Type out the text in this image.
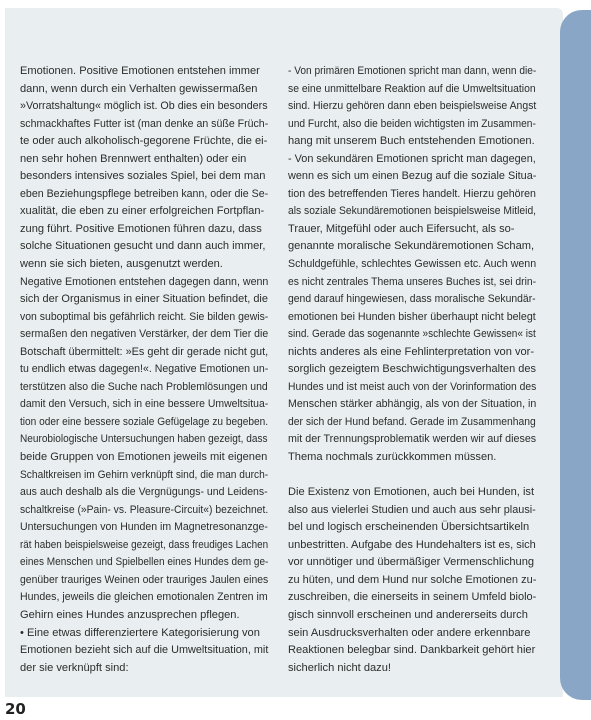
Emotionen. Positive Emotionen entstehen immer

dann, wenn durch ein Verhalten gewissermaßen

»Vorratshaltung« möglich ist. Ob dies ein besonders

schmackhaftes Futter ist (man denke an süße Früch-

te oder auch alkoholisch-gegorene Früchte, die ei-

nen sehr hohen Brennwert enthalten) oder ein

besonders intensives soziales Spiel, bei dem man

eben Beziehungspflege betreiben kann, oder die Se-

xualität, die eben zu einer erfolgreichen Fortpflan-

zung führt. Positive Emotionen führen dazu, dass

solche Situationen gesucht und dann auch immer,

wenn sie sich bieten, ausgenutzt werden.

Negative Emotionen entstehen dagegen dann, wenn

sich der Organismus in einer Situation befindet, die

von suboptimal bis gefährlich reicht. Sie bilden gewis-

sermaßen den negativen Verstärker, der dem Tier die

Botschaft übermittelt: »Es geht dir gerade nicht gut,

tu endlich etwas dagegen!«. Negative Emotionen un-

terstützen also die Suche nach Problemlösungen und

damit den Versuch, sich in eine bessere Umweltsitua-

tion oder eine bessere soziale Gefügelage zu begeben.

Neurobiologische Untersuchungen haben gezeigt, dass

beide Gruppen von Emotionen jeweils mit eigenen

Schaltkreisen im Gehirn verknüpft sind, die man durch-

aus auch deshalb als die Vergnügungs- und Leidens-

schaltkreise (»Pain- vs. Pleasure-Circuit«) bezeichnet.

Untersuchungen von Hunden im Magnetresonanzge-

rät haben beispielsweise gezeigt, dass freudiges Lachen

eines Menschen und Spielbellen eines Hundes dem ge-

genüber trauriges Weinen oder trauriges Jaulen eines

Hundes, jeweils die gleichen emotionalen Zentren im

Gehirn eines Hundes anzusprechen pflegen.

• Eine etwas differenziertere Kategorisierung von

Emotionen bezieht sich auf die Umweltsituation, mit

der sie verknüpft sind:

- Von primären Emotionen spricht man dann, wenn die-

se eine unmittelbare Reaktion auf die Umweltsituation

sind. Hierzu gehören dann eben beispielsweise Angst

und Furcht, also die beiden wichtigsten im Zusammen-

hang mit unserem Buch entstehenden Emotionen.

- Von sekundären Emotionen spricht man dagegen,

wenn es sich um einen Bezug auf die soziale Situa-

tion des betreffenden Tieres handelt. Hierzu gehören

als soziale Sekundäremotionen beispielsweise Mitleid,

Trauer, Mitgefühl oder auch Eifersucht, als so-

genannte moralische Sekundäremotionen Scham,

Schuldgefühle, schlechtes Gewissen etc. Auch wenn

es nicht zentrales Thema unseres Buches ist, sei drin-

gend darauf hingewiesen, dass moralische Sekundär-

emotionen bei Hunden bisher überhaupt nicht belegt

sind. Gerade das sogenannte »schlechte Gewissen« ist

nichts anderes als eine Fehlinterpretation von vor-

sorglich gezeigtem Beschwichtigungsverhalten des

Hundes und ist meist auch von der Vorinformation des

Menschen stärker abhängig, als von der Situation, in

der sich der Hund befand. Gerade im Zusammenhang

mit der Trennungsproblematik werden wir auf dieses

Thema nochmals zurückkommen müssen.

Die Existenz von Emotionen, auch bei Hunden, ist

also aus vielerlei Studien und auch aus sehr plausi-

bel und logisch erscheinenden Übersichtsartikeln

unbestritten. Aufgabe des Hundehalters ist es, sich

vor unnötiger und übermäßiger Vermenschlichung

zu hüten, und dem Hund nur solche Emotionen zu-

zuschreiben, die einerseits in seinem Umfeld biolo-

gisch sinnvoll erscheinen und andererseits durch

sein Ausdrucksverhalten oder andere erkennbare

Reaktionen belegbar sind. Dankbarkeit gehört hier

sicherlich nicht dazu!

20
